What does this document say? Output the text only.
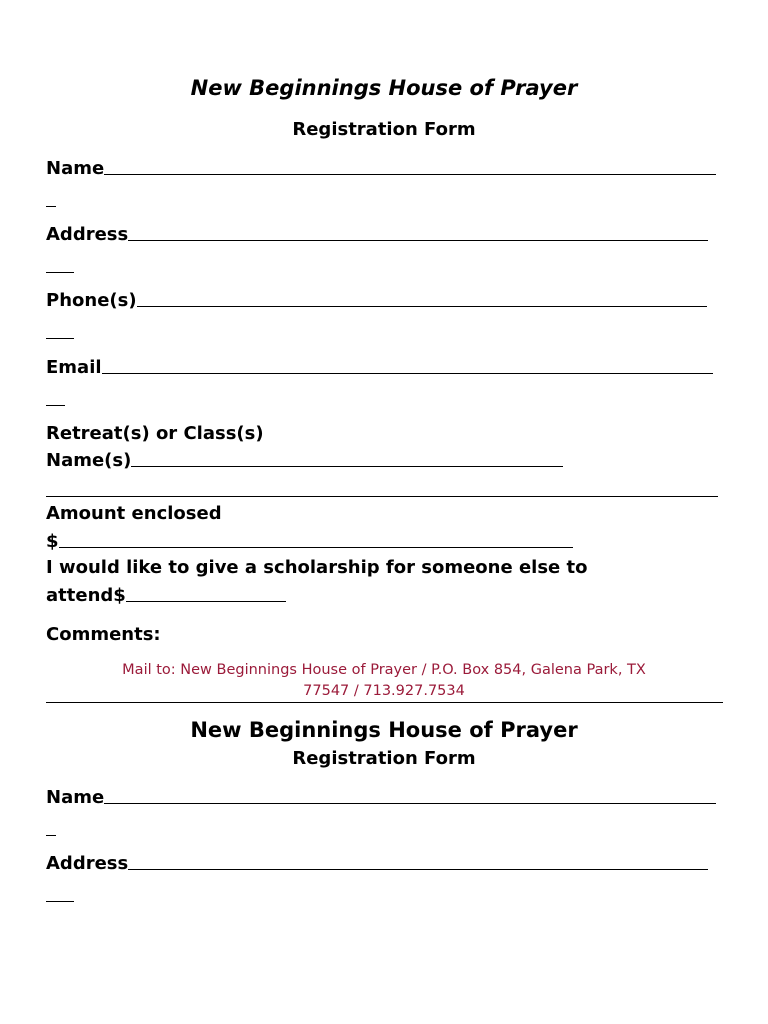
New Beginnings House of Prayer
Registration Form
Name
Address
Phone(s)
Email
Retreat(s) or Class(s)
Name(s)
Amount enclosed
$
I would like to give a scholarship for someone else to
attend$
Comments:
Mail to: New Beginnings House of Prayer / P.O. Box 854, Galena Park, TX
77547 / 713.927.7534
New Beginnings House of Prayer
Registration Form
Name
Address
